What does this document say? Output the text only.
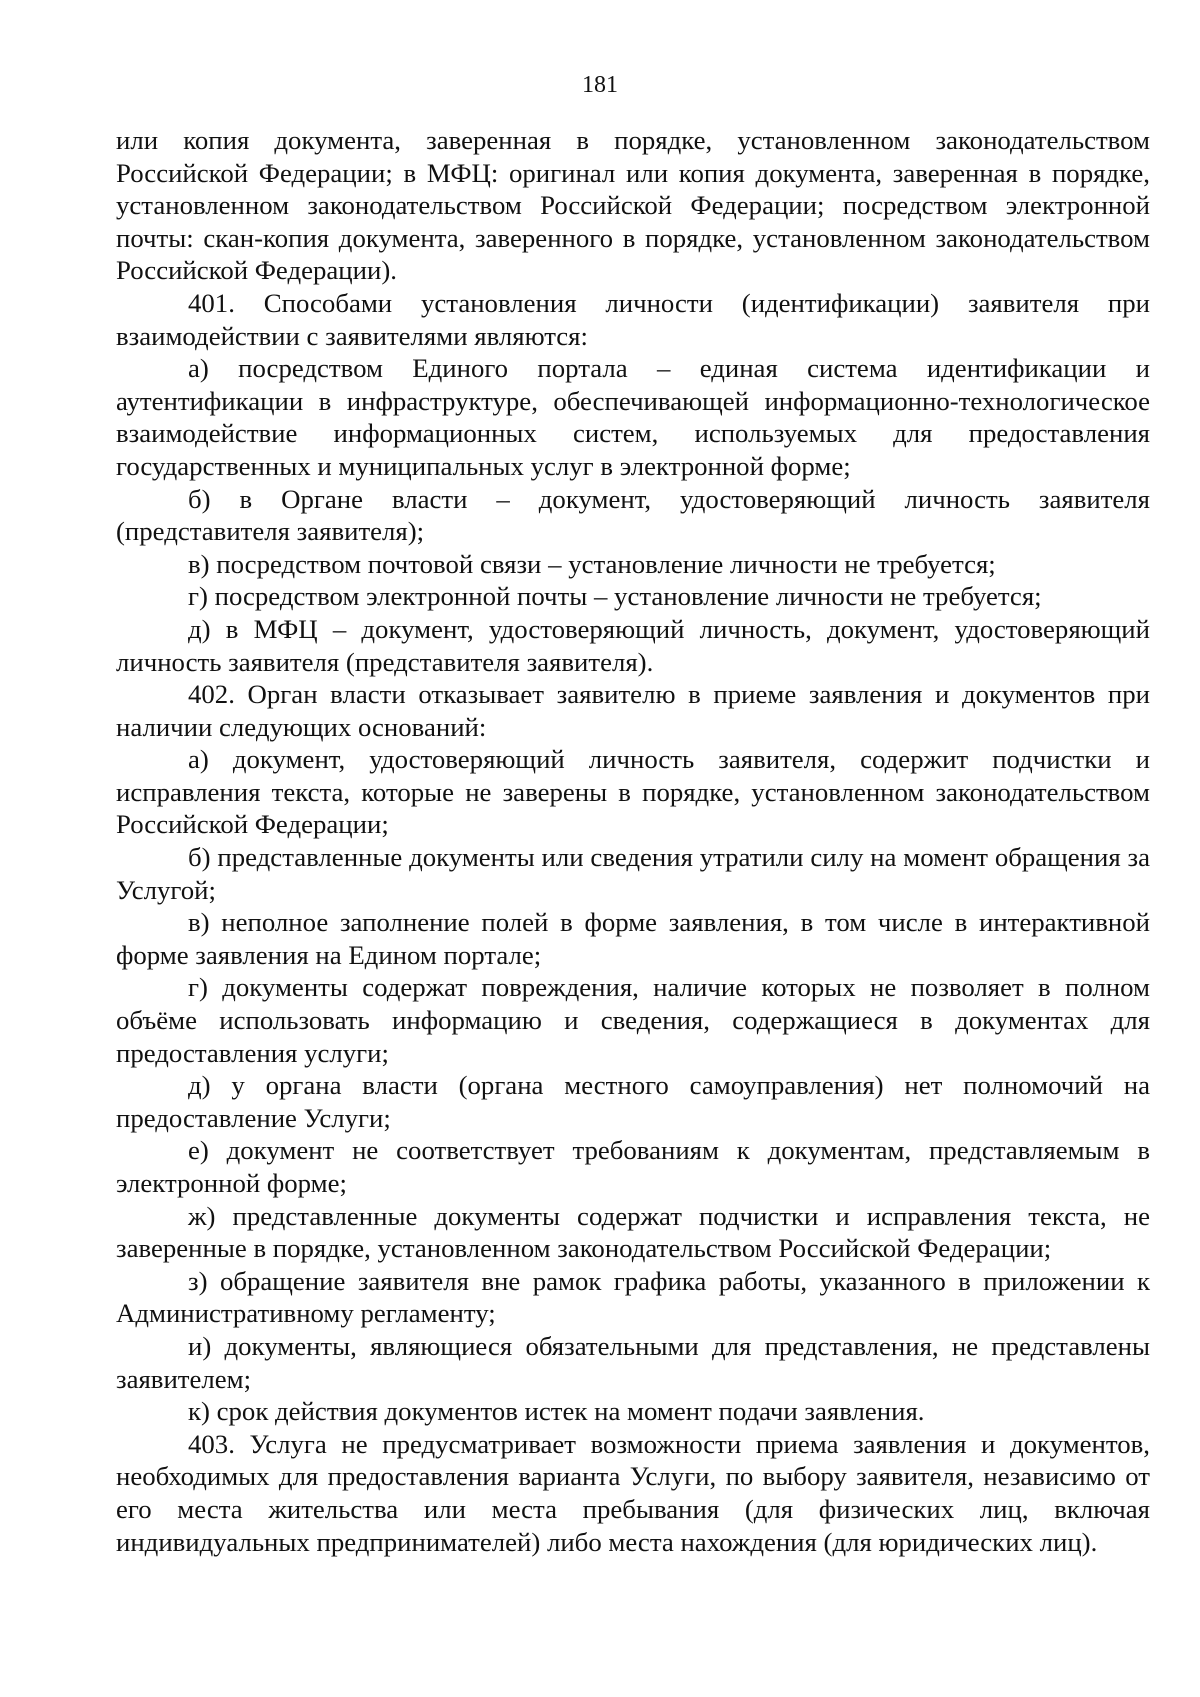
181

или копия документа, заверенная в порядке, установленном законодательством Российской Федерации; в МФЦ: оригинал или копия документа, заверенная в порядке, установленном законодательством Российской Федерации; посредством электронной почты: скан-копия документа, заверенного в порядке, установленном законодательством Российской Федерации).

401. Способами установления личности (идентификации) заявителя при взаимодействии с заявителями являются:

а) посредством Единого портала – единая система идентификации и аутентификации в инфраструктуре, обеспечивающей информационно-технологическое взаимодействие информационных систем, используемых для предоставления государственных и муниципальных услуг в электронной форме;

б) в Органе власти – документ, удостоверяющий личность заявителя (представителя заявителя);

в) посредством почтовой связи – установление личности не требуется;

г) посредством электронной почты – установление личности не требуется;

д) в МФЦ – документ, удостоверяющий личность, документ, удостоверяющий личность заявителя (представителя заявителя).

402. Орган власти отказывает заявителю в приеме заявления и документов при наличии следующих оснований:

а) документ, удостоверяющий личность заявителя, содержит подчистки и исправления текста, которые не заверены в порядке, установленном законодательством Российской Федерации;

б) представленные документы или сведения утратили силу на момент обращения за Услугой;

в) неполное заполнение полей в форме заявления, в том числе в интерактивной форме заявления на Едином портале;

г) документы содержат повреждения, наличие которых не позволяет в полном объёме использовать информацию и сведения, содержащиеся в документах для предоставления услуги;

д) у органа власти (органа местного самоуправления) нет полномочий на предоставление Услуги;

е) документ не соответствует требованиям к документам, представляемым в электронной форме;

ж) представленные документы содержат подчистки и исправления текста, не заверенные в порядке, установленном законодательством Российской Федерации;

з) обращение заявителя вне рамок графика работы, указанного в приложении к Административному регламенту;

и) документы, являющиеся обязательными для представления, не представлены заявителем;

к) срок действия документов истек на момент подачи заявления.

403. Услуга не предусматривает возможности приема заявления и документов, необходимых для предоставления варианта Услуги, по выбору заявителя, независимо от его места жительства или места пребывания (для физических лиц, включая индивидуальных предпринимателей) либо места нахождения (для юридических лиц).
